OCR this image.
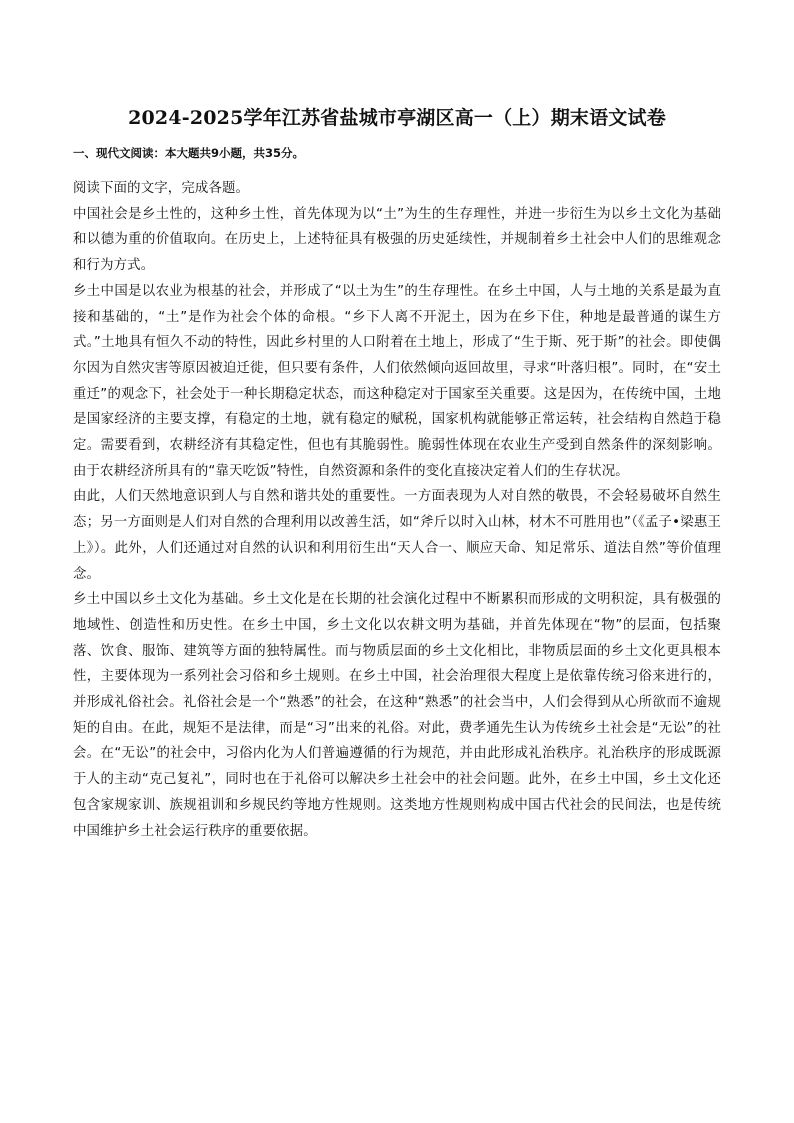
2024-2025学年江苏省盐城市亭湖区高一（上）期末语文试卷
一、现代文阅读：本大题共9小题，共35分。

阅读下面的文字，完成各题。

中国社会是乡土性的，这种乡土性，首先体现为以“土”为生的生存理性，并进一步衍生为以乡土文化为基础和以德为重的价值取向。在历史上，上述特征具有极强的历史延续性，并规制着乡土社会中人们的思维观念和行为方式。

乡土中国是以农业为根基的社会，并形成了“以土为生”的生存理性。在乡土中国，人与土地的关系是最为直接和基础的，“土”是作为社会个体的命根。“乡下人离不开泥土，因为在乡下住，种地是最普通的谋生方式。”土地具有恒久不动的特性，因此乡村里的人口附着在土地上，形成了“生于斯、死于斯”的社会。即使偶尔因为自然灾害等原因被迫迁徙，但只要有条件，人们依然倾向返回故里，寻求“叶落归根”。同时，在“安土重迁”的观念下，社会处于一种长期稳定状态，而这种稳定对于国家至关重要。这是因为，在传统中国，土地是国家经济的主要支撑，有稳定的土地，就有稳定的赋税，国家机构就能够正常运转，社会结构自然趋于稳定。需要看到，农耕经济有其稳定性，但也有其脆弱性。脆弱性体现在农业生产受到自然条件的深刻影响。由于农耕经济所具有的“靠天吃饭”特性，自然资源和条件的变化直接决定着人们的生存状况。

由此，人们天然地意识到人与自然和谐共处的重要性。一方面表现为人对自然的敬畏，不会轻易破坏自然生态；另一方面则是人们对自然的合理利用以改善生活，如“斧斤以时入山林，材木不可胜用也”（《孟子•梁惠王上》）。此外，人们还通过对自然的认识和利用衍生出“天人合一、顺应天命、知足常乐、道法自然”等价值理念。

乡土中国以乡土文化为基础。乡土文化是在长期的社会演化过程中不断累积而形成的文明积淀，具有极强的地域性、创造性和历史性。在乡土中国，乡土文化以农耕文明为基础，并首先体现在“物”的层面，包括聚落、饮食、服饰、建筑等方面的独特属性。而与物质层面的乡土文化相比，非物质层面的乡土文化更具根本性，主要体现为一系列社会习俗和乡土规则。在乡土中国，社会治理很大程度上是依靠传统习俗来进行的，并形成礼俗社会。礼俗社会是一个“熟悉”的社会，在这种“熟悉”的社会当中，人们会得到从心所欲而不逾规矩的自由。在此，规矩不是法律，而是“习”出来的礼俗。对此，费孝通先生认为传统乡土社会是“无讼”的社会。在“无讼”的社会中，习俗内化为人们普遍遵循的行为规范，并由此形成礼治秩序。礼治秩序的形成既源于人的主动“克己复礼”，同时也在于礼俗可以解决乡土社会中的社会问题。此外，在乡土中国，乡土文化还包含家规家训、族规祖训和乡规民约等地方性规则。这类地方性规则构成中国古代社会的民间法，也是传统中国维护乡土社会运行秩序的重要依据。
